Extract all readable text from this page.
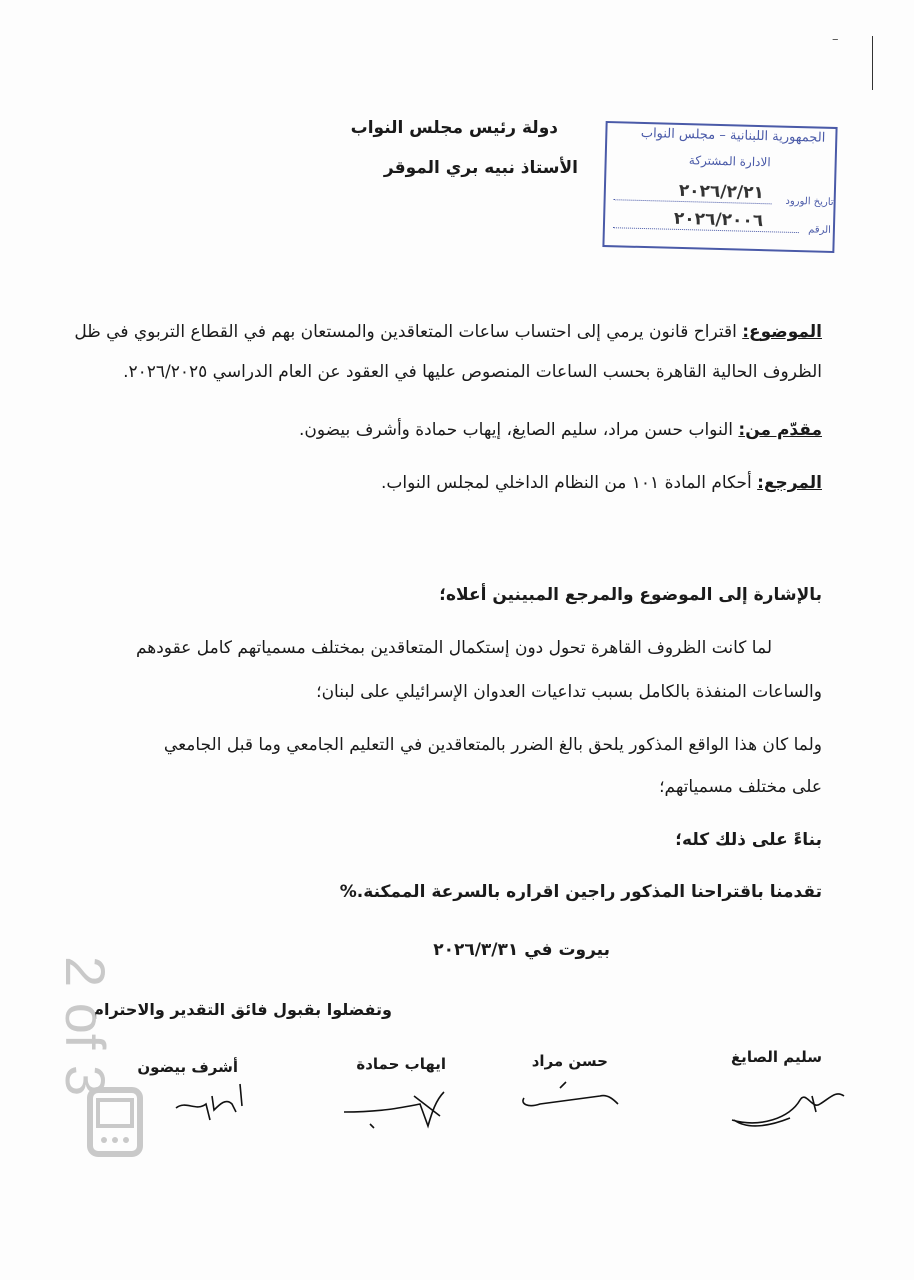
–
دولة رئيس مجلس النواب
الأستاذ نبيه بري الموقر
الجمهورية اللبنانية – مجلس النواب
الادارة المشتركة
تاريخ الورود
٢٠٢٦/٢/٢١
الرقم
٢٠٢٦/٢٠٠٦
الموضوع: اقتراح قانون يرمي إلى احتساب ساعات المتعاقدين والمستعان بهم في القطاع التربوي في ظل
الظروف الحالية القاهرة بحسب الساعات المنصوص عليها في العقود عن العام الدراسي ٢٠٢٦/٢٠٢٥.
مقدّم من: النواب حسن مراد، سليم الصايغ، إيهاب حمادة وأشرف بيضون.
المرجع: أحكام المادة ١٠١ من النظام الداخلي لمجلس النواب.
بالإشارة إلى الموضوع والمرجع المبينين أعلاه؛
لما كانت الظروف القاهرة تحول دون إستكمال المتعاقدين بمختلف مسمياتهم كامل عقودهم
والساعات المنفذة بالكامل بسبب تداعيات العدوان الإسرائيلي على لبنان؛
ولما كان هذا الواقع المذكور يلحق بالغ الضرر بالمتعاقدين في التعليم الجامعي وما قبل الجامعي
على مختلف مسمياتهم؛
بناءً على ذلك كله؛
تقدمنا باقتراحنا المذكور راجين اقراره بالسرعة الممكنة.%
بيروت في ٢٠٢٦/٣/٣١
وتفضلوا بقبول فائق التقدير والاحترام
سليم الصايغ
حسن مراد
ايهاب حمادة
أشرف بيضون
2 of 3
